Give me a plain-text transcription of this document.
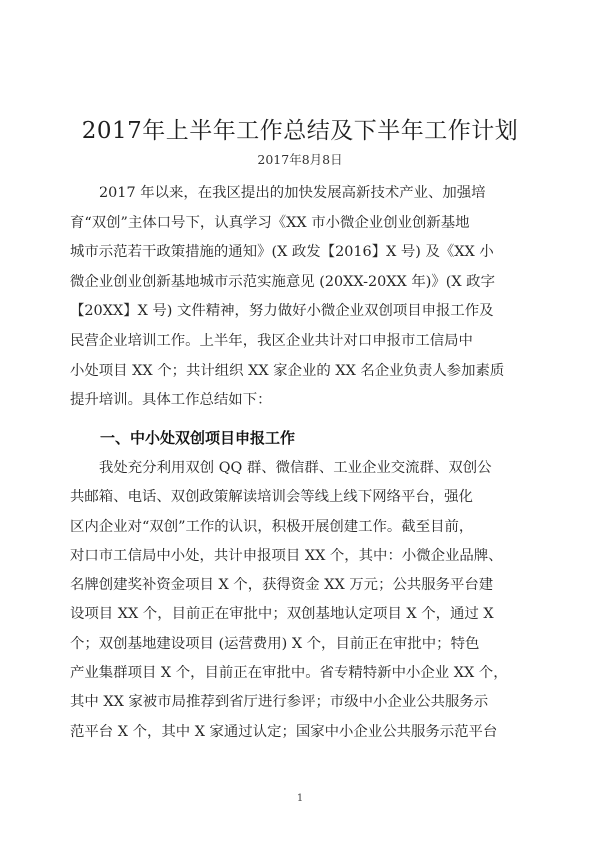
2017年上半年工作总结及下半年工作计划
2017年8月8日
2017 年以来，在我区提出的加快发展高新技术产业、加强培
育“双创”主体口号下，认真学习《XX 市小微企业创业创新基地
城市示范若干政策措施的通知》(X 政发【2016】X 号) 及《XX 小
微企业创业创新基地城市示范实施意见 (20XX-20XX 年)》(X 政字
【20XX】X 号) 文件精神，努力做好小微企业双创项目申报工作及
民营企业培训工作。上半年，我区企业共计对口申报市工信局中
小处项目 XX 个；共计组织 XX 家企业的 XX 名企业负责人参加素质
提升培训。具体工作总结如下：
一、中小处双创项目申报工作
我处充分利用双创 QQ 群、微信群、工业企业交流群、双创公
共邮箱、电话、双创政策解读培训会等线上线下网络平台，强化
区内企业对“双创”工作的认识，积极开展创建工作。截至目前，
对口市工信局中小处，共计申报项目 XX 个，其中：小微企业品牌、
名牌创建奖补资金项目 X 个，获得资金 XX 万元；公共服务平台建
设项目 XX 个，目前正在审批中；双创基地认定项目 X 个，通过 X
个；双创基地建设项目 (运营费用) X 个，目前正在审批中；特色
产业集群项目 X 个，目前正在审批中。省专精特新中小企业 XX 个，
其中 XX 家被市局推荐到省厅进行参评；市级中小企业公共服务示
范平台 X 个，其中 X 家通过认定；国家中小企业公共服务示范平台
1
